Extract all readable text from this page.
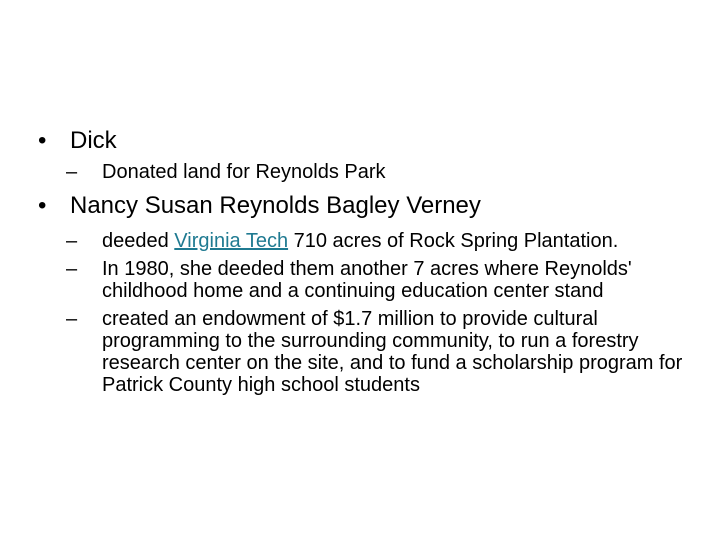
• Dick
– Donated land for Reynolds Park
• Nancy Susan Reynolds Bagley Verney
– deeded Virginia Tech 710 acres of Rock Spring Plantation.
– In 1980, she deeded them another 7 acres where Reynolds' childhood home and a continuing education center stand
– created an endowment of $1.7 million to provide cultural programming to the surrounding community, to run a forestry research center on the site, and to fund a scholarship program for Patrick County high school students
